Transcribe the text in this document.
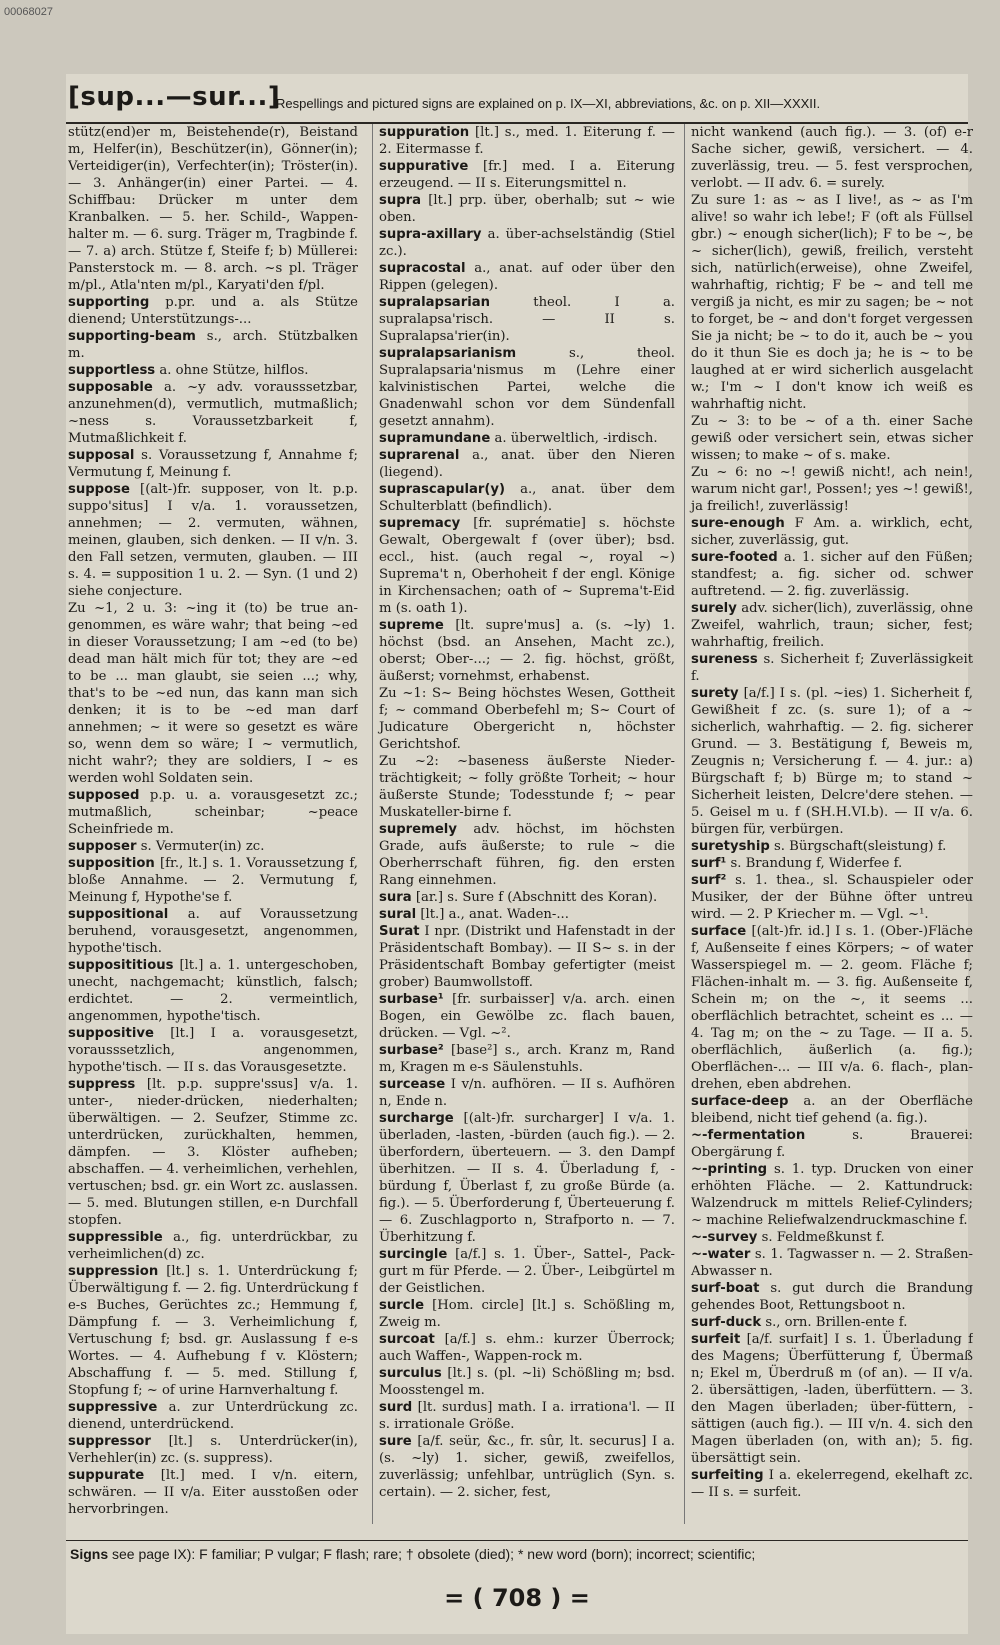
00068027
[sup...—sur...]
Respellings and pictured signs are explained on p. IX—XI, abbreviations, &c. on p. XII—XXXII.

stütz(end)er m, Beistehende(r), Beistand m, Helfer(in), Beschützer(in), Gönner(in); Verteidiger(in), Verfechter(in); Tröster(in). — 3. Anhänger(in) einer Partei. — 4. Schiffbau: Drücker m unter dem Kranbalken. — 5. her. Schild-, Wappen-halter m. — 6. surg. Träger m, Tragbinde f. — 7. a) arch. Stütze f, Steife f; b) Müllerei: Pansterstock m. — 8. arch. ~s pl. Träger m/pl., Atla'nten m/pl., Karyati'den f/pl.

supporting p.pr. und a. als Stütze dienend; Unterstützungs-...

supporting-beam s., arch. Stützbalken m.

supportless a. ohne Stütze, hilflos.

supposable a. ~y adv. vorausssetzbar, anzunehmen(d), vermutlich, mutmaßlich; ~ness s. Voraussetzbarkeit f, Mutmaßlichkeit f.

supposal s. Voraussetzung f, Annahme f; Vermutung f, Meinung f.

suppose [(alt-)fr. supposer, von lt. p.p. suppo'situs] I v/a. 1. voraussetzen, annehmen; — 2. vermuten, wähnen, meinen, glauben, sich denken. — II v/n. 3. den Fall setzen, vermuten, glauben. — III s. 4. = supposition 1 u. 2. — Syn. (1 und 2) siehe conjecture.

Zu ~1, 2 u. 3: ~ing it (to) be true angenommen, es wäre wahr; that being ~ed in dieser Voraussetzung; I am ~ed (to be) dead man hält mich für tot; they are ~ed to be ... man glaubt, sie seien ...; why, that's to be ~ed nun, das kann man sich denken; it is to be ~ed man darf annehmen; ~ it were so gesetzt es wäre so, wenn dem so wäre; I ~ vermutlich, nicht wahr?; they are soldiers, I ~ es werden wohl Soldaten sein.

supposed p.p. u. a. vorausgesetzt zc.; mutmaßlich, scheinbar; ~peace Scheinfriede m.

supposer s. Vermuter(in) zc.

supposition [fr., lt.] s. 1. Voraussetzung f, bloße Annahme. — 2. Vermutung f, Meinung f, Hypothe'se f.

suppositional a. auf Voraussetzung beruhend, vorausgesetzt, angenommen, hypothe'tisch.

supposititious [lt.] a. 1. untergeschoben, unecht, nachgemacht; künstlich, falsch; erdichtet. — 2. vermeintlich, angenommen, hypothe'tisch.

suppositive [lt.] I a. vorausgesetzt, vorausssetzlich, angenommen, hypothe'tisch. — II s. das Vorausgesetzte.

suppress [lt. p.p. suppre'ssus] v/a. 1. unter-, nieder-drücken, niederhalten; überwältigen. — 2. Seufzer, Stimme zc. unterdrücken, zurückhalten, hemmen, dämpfen. — 3. Klöster aufheben; abschaffen. — 4. verheimlichen, verhehlen, vertuschen; bsd. gr. ein Wort zc. auslassen. — 5. med. Blutungen stillen, e-n Durchfall stopfen.

suppressible a., fig. unterdrückbar, zu verheimlichen(d) zc.

suppression [lt.] s. 1. Unterdrückung f; Überwältigung f. — 2. fig. Unterdrückung f e-s Buches, Gerüchtes zc.; Hemmung f, Dämpfung f. — 3. Verheimlichung f, Vertuschung f; bsd. gr. Auslassung f e-s Wortes. — 4. Aufhebung f v. Klöstern; Abschaffung f. — 5. med. Stillung f, Stopfung f; ~ of urine Harnverhaltung f.

suppressive a. zur Unterdrückung zc. dienend, unterdrückend.

suppressor [lt.] s. Unterdrücker(in), Verhehler(in) zc. (s. suppress).

suppurate [lt.] med. I v/n. eitern, schwären. — II v/a. Eiter ausstoßen oder hervorbringen.

suppuration [lt.] s., med. 1. Eiterung f. — 2. Eitermasse f.

suppurative [fr.] med. I a. Eiterung erzeugend. — II s. Eiterungsmittel n.

supra [lt.] prp. über, oberhalb; sut ~ wie oben.

supra-axillary a. über-achselständig (Stiel zc.).

supracostal a., anat. auf oder über den Rippen (gelegen).

supralapsarian	theol. I a. supralapsa'risch. — II s. Supralapsa'rier(in).

supralapsarianism	s., theol. Supralapsaria'nismus m (Lehre einer kalvinistischen Partei, welche die Gnadenwahl schon vor dem Sündenfall gesetzt annahm).

supramundane a. überweltlich, -irdisch.

suprarenal a., anat. über den Nieren (liegend).

suprascapular(y) a., anat. über dem Schulterblatt (befindlich).

supremacy [fr. suprématie] s. höchste Gewalt, Obergewalt f (over über); bsd. eccl., hist. (auch regal ~, royal ~) Suprema't n, Oberhoheit f der engl. Könige in Kirchensachen; oath of ~ Suprema't-Eid m (s. oath 1).

supreme [lt. supre'mus] a. (s. ~ly) 1. höchst (bsd. an Ansehen, Macht zc.), oberst; Ober-...; — 2. fig. höchst, größt, äußerst; vornehmst, erhabenst.

Zu ~1: S~ Being höchstes Wesen, Gottheit f; ~ command Oberbefehl m; S~ Court of Judicature Obergericht n, höchster Gerichtshof.

Zu ~2: ~baseness äußerste Niederträchtigkeit; ~ folly größte Torheit; ~ hour äußerste Stunde; Todesstunde f; ~ pear Muskateller-birne f.

supremely adv. höchst, im höchsten Grade, aufs äußerste; to rule ~ die Oberherrschaft führen, fig. den ersten Rang einnehmen.

sura [ar.] s. Sure f (Abschnitt des Koran).

sural [lt.] a., anat. Waden-...

Surat I npr. (Distrikt und Hafenstadt in der Präsidentschaft Bombay). — II S~ s. in der Präsidentschaft Bombay gefertigter (meist grober) Baumwollstoff.

surbase¹ [fr. surbaisser] v/a. arch. einen Bogen, ein Gewölbe zc. flach bauen, drücken. — Vgl. ~².

surbase² [base²] s., arch. Kranz m, Rand m, Kragen m e-s Säulenstuhls.

surcease I v/n. aufhören. — II s. Aufhören n, Ende n.

surcharge [(alt-)fr. surcharger] I v/a. 1. überladen, -lasten, -bürden (auch fig.). — 2. überfordern, überteuern. — 3. den Dampf überhitzen. — II s. 4. Überladung f, -bürdung f, Überlast f, zu große Bürde (a. fig.). — 5. Überforderung f, Überteuerung f. — 6. Zuschlagporto n, Strafporto n. — 7. Überhitzung f.

surcingle [a/f.] s. 1. Über-, Sattel-, Pack-gurt m für Pferde. — 2. Über-, Leibgürtel m der Geistlichen.

surcle [Hom. circle] [lt.] s. Schößling m, Zweig m.

surcoat [a/f.] s. ehm.: kurzer Überrock; auch Waffen-, Wappen-rock m.

surculus [lt.] s. (pl. ~li) Schößling m; bsd. Moosstengel m.

surd [lt. surdus] math. I a. irrationa'l. — II s. irrationale Größe.

sure [a/f. seür, &c., fr. sûr, lt. securus] I a. (s. ~ly) 1. sicher, gewiß, zweifellos, zuverlässig; unfehlbar, untrüglich (Syn. s. certain). — 2. sicher, fest,

nicht wankend (auch fig.). — 3. (of) e-r Sache sicher, gewiß, versichert. — 4. zuverlässig, treu. — 5. fest versprochen, verlobt. — II adv. 6. = surely.

Zu sure 1: as ~ as I live!, as ~ as I'm alive! so wahr ich lebe!; F (oft als Füllsel gbr.) ~ enough sicher(lich); F to be ~, be ~ sicher(lich), gewiß, freilich, versteht sich, natürlich(erweise), ohne Zweifel, wahrhaftig, richtig; F be ~ and tell me vergiß ja nicht, es mir zu sagen; be ~ not to forget, be ~ and don't forget vergessen Sie ja nicht; be ~ to do it, auch be ~ you do it thun Sie es doch ja; he is ~ to be laughed at er wird sicherlich ausgelacht w.; I'm ~ I don't know ich weiß es wahrhaftig nicht.

Zu ~ 3: to be ~ of a th. einer Sache gewiß oder versichert sein, etwas sicher wissen; to make ~ of s. make.

Zu ~ 6: no ~! gewiß nicht!, ach nein!, warum nicht gar!, Possen!; yes ~! gewiß!, ja freilich!, zuverlässig!

sure-enough F Am. a. wirklich, echt, sicher, zuverlässig, gut.

sure-footed a. 1. sicher auf den Füßen; standfest; a. fig. sicher od. schwer auftretend. — 2. fig. zuverlässig.

surely adv. sicher(lich), zuverlässig, ohne Zweifel, wahrlich, traun; sicher, fest; wahrhaftig, freilich.

sureness s. Sicherheit f; Zuverlässigkeit f.

surety [a/f.] I s. (pl. ~ies) 1. Sicherheit f, Gewißheit f zc. (s. sure 1); of a ~ sicherlich, wahrhaftig. — 2. fig. sicherer Grund. — 3. Bestätigung f, Beweis m, Zeugnis n; Versicherung f. — 4. jur.: a) Bürgschaft f; b) Bürge m; to stand ~ Sicherheit leisten, Delcre'dere stehen. — 5. Geisel m u. f (SH.H.VI.b). — II v/a. 6. bürgen für, verbürgen.

suretyship s. Bürgschaft(sleistung) f.

surf¹ s. Brandung f, Widerfee f.

surf² s. 1. thea., sl. Schauspieler oder Musiker, der der Bühne öfter untreu wird. — 2. P Kriecher m. — Vgl. ~¹.

surface [(alt-)fr. id.] I s. 1. (Ober-)Fläche f, Außenseite f eines Körpers; ~ of water Wasserspiegel m. — 2. geom. Fläche f; Flächen-inhalt m. — 3. fig. Außenseite f, Schein m; on the ~, it seems ... oberflächlich betrachtet, scheint es ... — 4. Tag m; on the ~ zu Tage. — II a. 5. oberflächlich, äußerlich (a. fig.); Oberflächen-... — III v/a. 6. flach-, plan-drehen, eben abdrehen.

surface-deep a. an der Oberfläche bleibend, nicht tief gehend (a. fig.).

~-fermentation	s. Brauerei: Obergärung f.

~-printing s. 1. typ. Drucken von einer erhöhten Fläche. — 2. Kattundruck: Walzendruck m mittels Relief-Cylinders; ~ machine Reliefwalzendruckmaschine f.

~-survey s. Feldmeßkunst f.

~-water s. 1. Tagwasser n. — 2. Straßen-Abwasser n.

surf-boat s. gut durch die Brandung gehendes Boot, Rettungsboot n.

surf-duck s., orn. Brillen-ente f.

surfeit [a/f. surfait] I s. 1. Überladung f des Magens; Überfütterung f, Übermaß n; Ekel m, Überdruß m (of an). — II v/a. 2. übersättigen, -laden, überfüttern. — 3. den Magen überladen; über-füttern, -sättigen (auch fig.). — III v/n. 4. sich den Magen überladen (on, with an); 5. fig. übersättigt sein.

surfeiting I a. ekelerregend, ekelhaft zc. — II s. = surfeit.

Signs see page IX): F familiar; P vulgar; F flash; rare; † obsolete (died); * new word (born); incorrect; scientific;
= ( 708 ) =
